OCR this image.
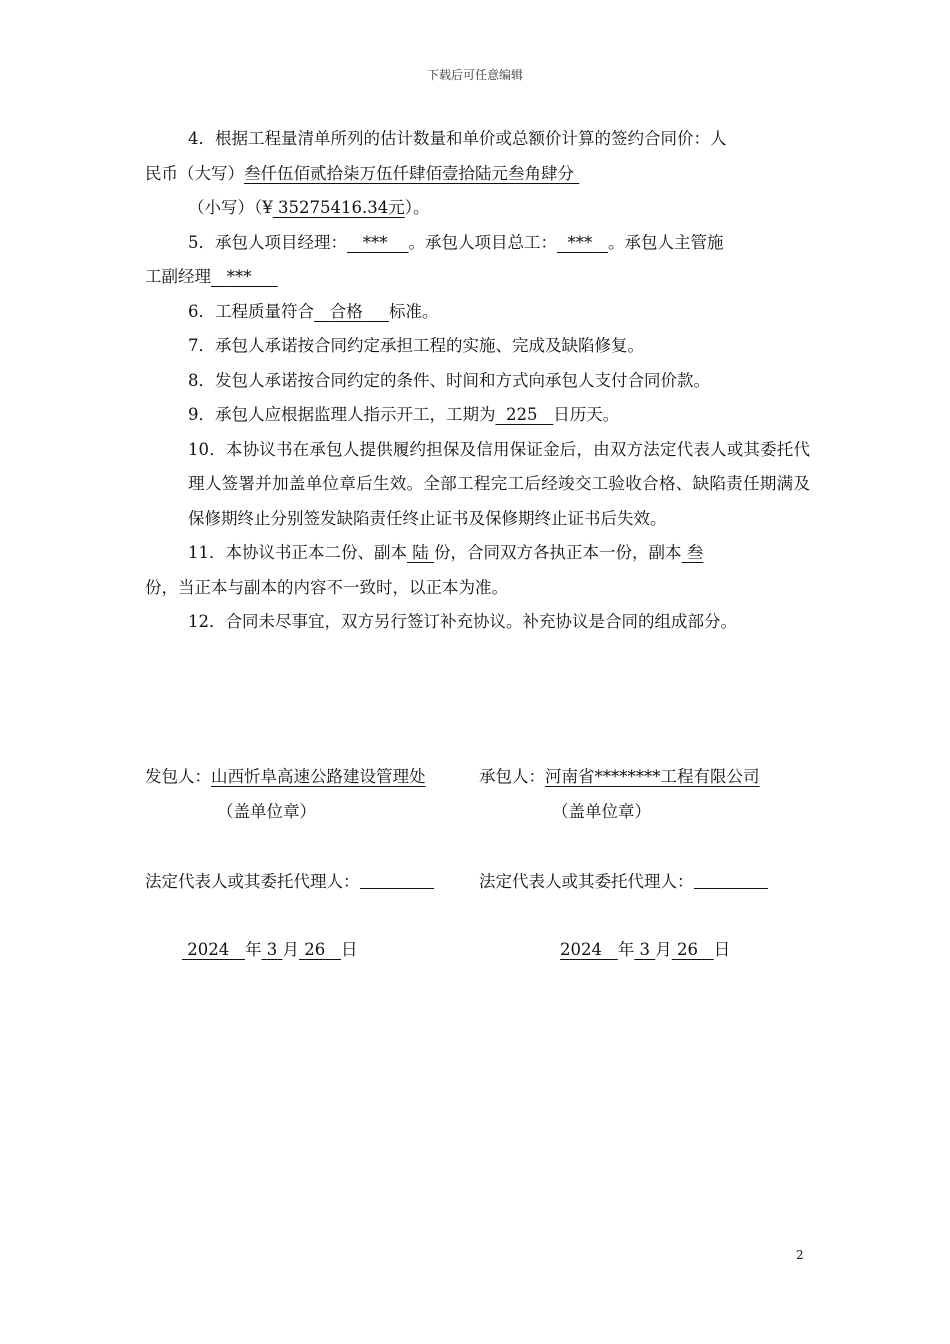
下载后可任意编辑

4．根据工程量清单所列的估计数量和单价或总额价计算的签约合同价：人

民币（大写）叁仟伍佰贰拾柒万伍仟肆佰壹拾陆元叁角肆分

（小写）（¥ 35275416.34元）。

5．承包人项目经理： *** 。承包人项目总工： *** 。承包人主管施

工副经理 ***

6．工程质量符合 合格 标准。

7．承包人承诺按合同约定承担工程的实施、完成及缺陷修复。

8．发包人承诺按合同约定的条件、时间和方式向承包人支付合同价款。

9．承包人应根据监理人指示开工，工期为 225 日历天。

10．本协议书在承包人提供履约担保及信用保证金后，由双方法定代表人或其委托代理人签署并加盖单位章后生效。全部工程完工后经竣交工验收合格、缺陷责任期满及保修期终止分别签发缺陷责任终止证书及保修期终止证书后失效。

11．本协议书正本二份、副本 陆 份，合同双方各执正本一份，副本 叁

份，当正本与副本的内容不一致时，以正本为准。

12．合同未尽事宜，双方另行签订补充协议。补充协议是合同的组成部分。

发包人：山西忻阜高速公路建设管理处
（盖单位章）
承包人：河南省********工程有限公司
（盖单位章）
法定代表人或其委托代理人：	法定代表人或其委托代理人：
2024 年 3 月 26 日	2024 年 3 月 26 日
2
